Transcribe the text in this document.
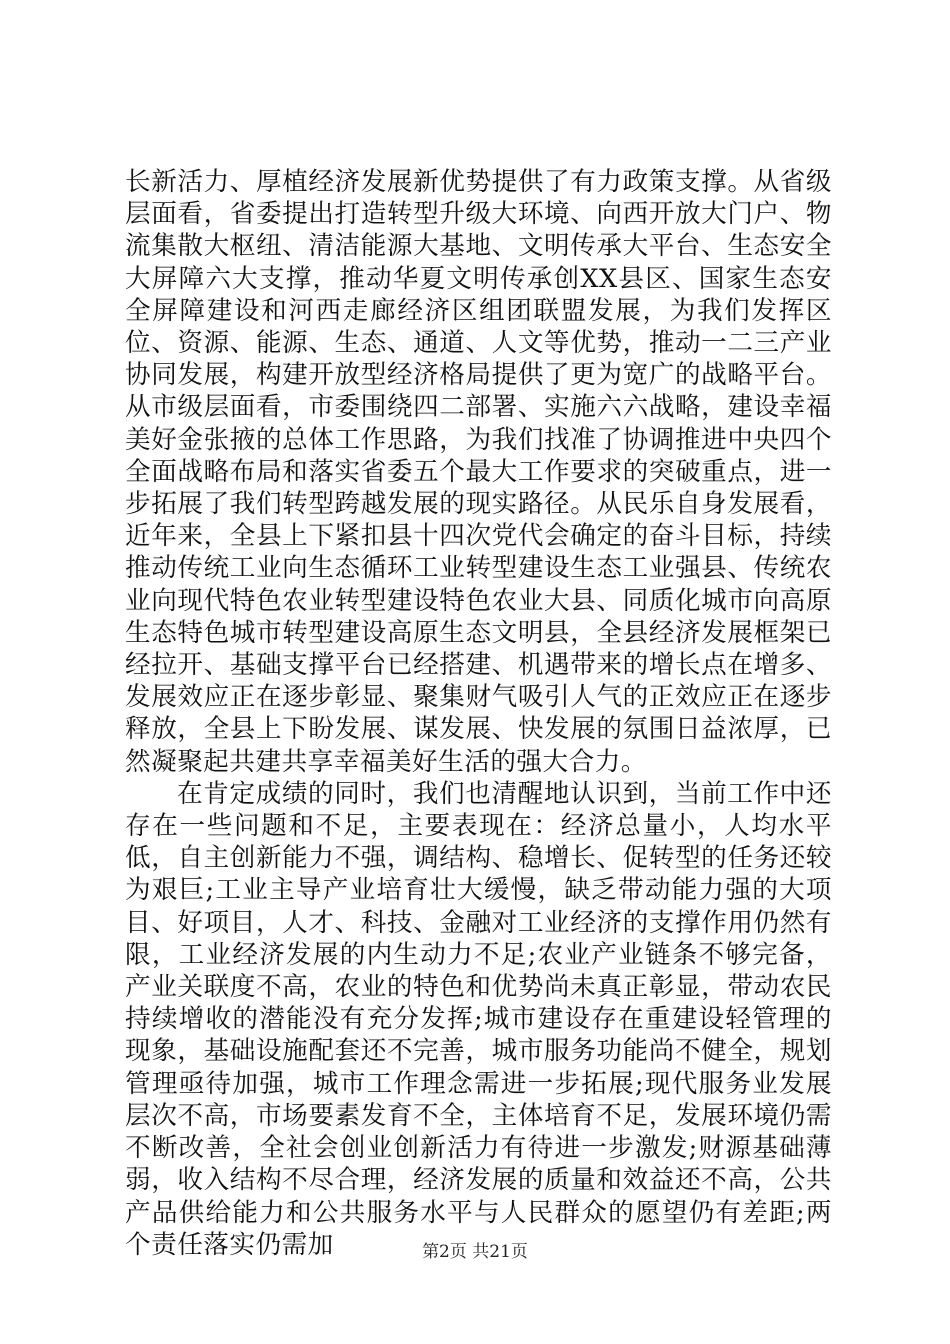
长新活力、厚植经济发展新优势提供了有力政策支撑。从省级层面看，省委提出打造转型升级大环境、向西开放大门户、物流集散大枢纽、清洁能源大基地、文明传承大平台、生态安全大屏障六大支撑，推动华夏文明传承创XX县区、国家生态安全屏障建设和河西走廊经济区组团联盟发展，为我们发挥区位、资源、能源、生态、通道、人文等优势，推动一二三产业协同发展，构建开放型经济格局提供了更为宽广的战略平台。从市级层面看，市委围绕四二部署、实施六六战略，建设幸福美好金张掖的总体工作思路，为我们找准了协调推进中央四个全面战略布局和落实省委五个最大工作要求的突破重点，进一步拓展了我们转型跨越发展的现实路径。从民乐自身发展看，近年来，全县上下紧扣县十四次党代会确定的奋斗目标，持续推动传统工业向生态循环工业转型建设生态工业强县、传统农业向现代特色农业转型建设特色农业大县、同质化城市向高原生态特色城市转型建设高原生态文明县，全县经济发展框架已经拉开、基础支撑平台已经搭建、机遇带来的增长点在增多、发展效应正在逐步彰显、聚集财气吸引人气的正效应正在逐步释放，全县上下盼发展、谋发展、快发展的氛围日益浓厚，已然凝聚起共建共享幸福美好生活的强大合力。

在肯定成绩的同时，我们也清醒地认识到，当前工作中还存在一些问题和不足，主要表现在：经济总量小，人均水平低，自主创新能力不强，调结构、稳增长、促转型的任务还较为艰巨;工业主导产业培育壮大缓慢，缺乏带动能力强的大项目、好项目，人才、科技、金融对工业经济的支撑作用仍然有限，工业经济发展的内生动力不足;农业产业链条不够完备，产业关联度不高，农业的特色和优势尚未真正彰显，带动农民持续增收的潜能没有充分发挥;城市建设存在重建设轻管理的现象，基础设施配套还不完善，城市服务功能尚不健全，规划管理亟待加强，城市工作理念需进一步拓展;现代服务业发展层次不高，市场要素发育不全，主体培育不足，发展环境仍需不断改善，全社会创业创新活力有待进一步激发;财源基础薄弱，收入结构不尽合理，经济发展的质量和效益还不高，公共产品供给能力和公共服务水平与人民群众的愿望仍有差距;两个责任落实仍需加	第2页 共21页
